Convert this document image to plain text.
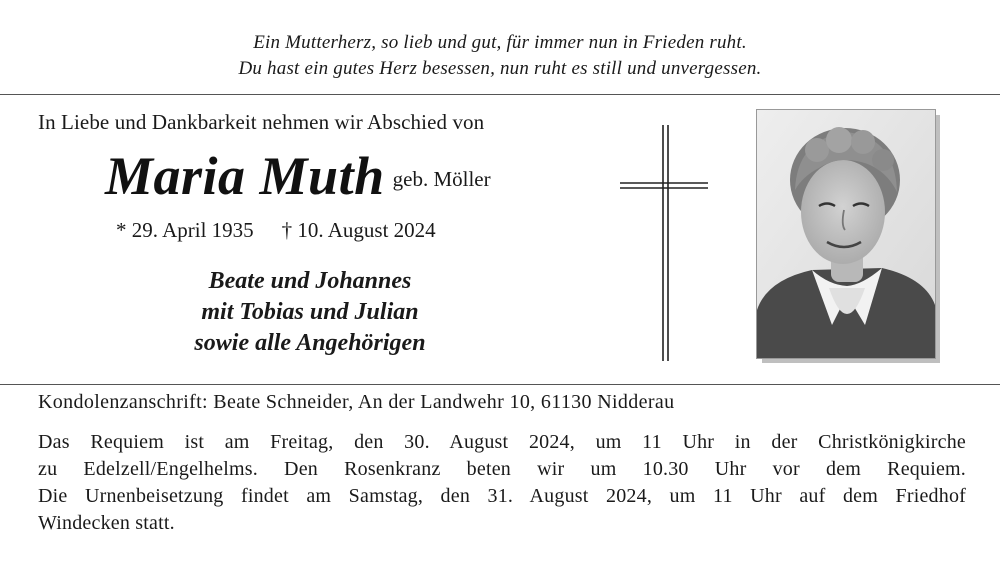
Ein Mutterherz, so lieb und gut, für immer nun in Frieden ruht.
Du hast ein gutes Herz besessen, nun ruht es still und unvergessen.
In Liebe und Dankbarkeit nehmen wir Abschied von
Maria Muth geb. Möller
* 29. April 1935 † 10. August 2024
Beate und Johannes
mit Tobias und Julian
sowie alle Angehörigen
Kondolenzanschrift: Beate Schneider, An der Landwehr 10, 61130 Nidderau
Das Requiem ist am Freitag, den 30. August 2024, um 11 Uhr in der Christkönigkirche
zu Edelzell/Engelhelms. Den Rosenkranz beten wir um 10.30 Uhr vor dem Requiem.
Die Urnenbeisetzung findet am Samstag, den 31. August 2024, um 11 Uhr auf dem Friedhof
Windecken statt.
